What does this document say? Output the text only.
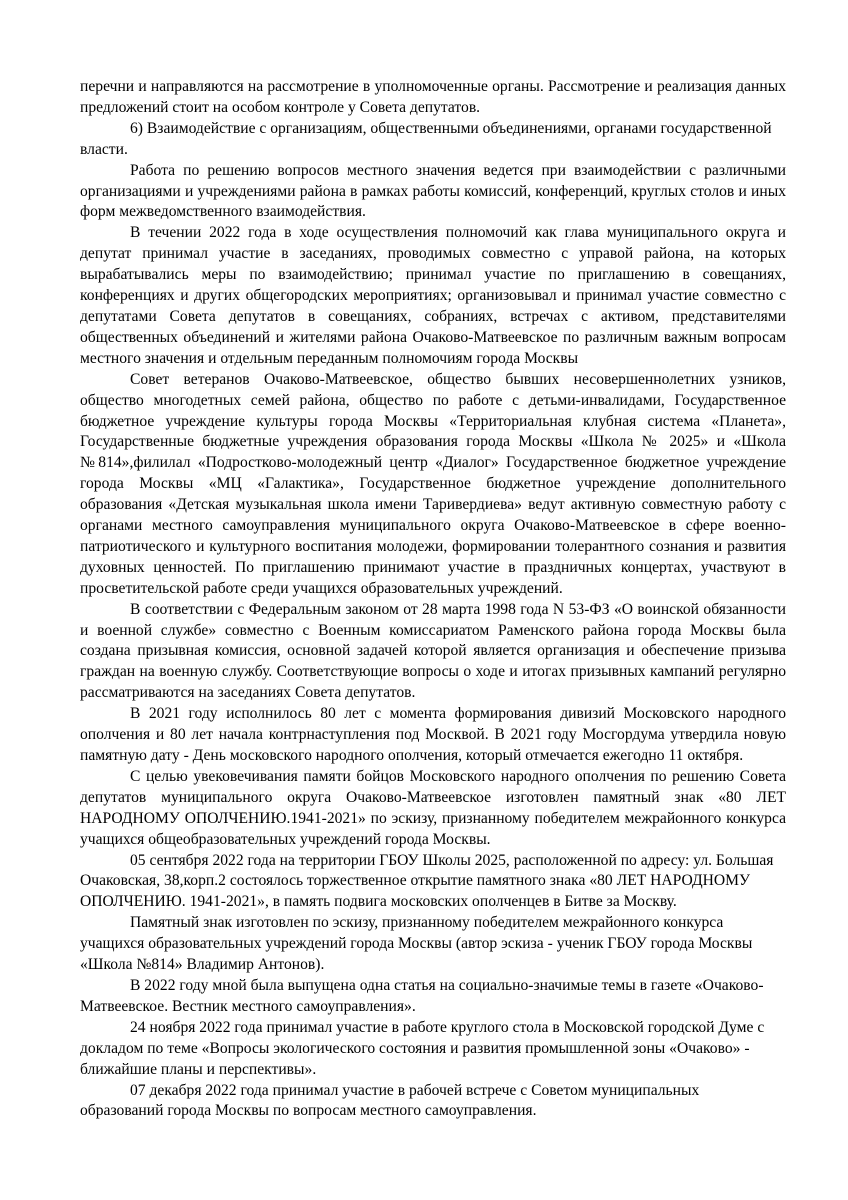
перечни и направляются на рассмотрение в уполномоченные органы. Рассмотрение и реализация данных предложений стоит на особом контроле у Совета депутатов.

6) Взаимодействие с организациям, общественными объединениями, органами государственной власти.

Работа по решению вопросов местного значения ведется при взаимодействии с различными организациями и учреждениями района в рамках работы комиссий, конференций, круглых столов и иных форм межведомственного взаимодействия.

В течении 2022 года в ходе осуществления полномочий как глава муниципального округа и депутат принимал участие в заседаниях, проводимых совместно с управой района, на которых вырабатывались меры по взаимодействию; принимал участие по приглашению в совещаниях, конференциях и других общегородских мероприятиях; организовывал и принимал участие совместно с депутатами Совета депутатов в совещаниях, собраниях, встречах с активом, представителями общественных объединений и жителями района Очаково-Матвеевское по различным важным вопросам местного значения и отдельным переданным полномочиям города Москвы

Совет ветеранов Очаково-Матвеевское, общество бывших несовершеннолетних узников, общество многодетных семей района, общество по работе с детьми-инвалидами, Государственное бюджетное учреждение культуры города Москвы «Территориальная клубная система «Планета», Государственные бюджетные учреждения образования города Москвы «Школа № 2025» и «Школа №814»,филилал «Подростково-молодежный центр «Диалог» Государственное бюджетное учреждение города Москвы «МЦ «Галактика», Государственное бюджетное учреждение дополнительного образования «Детская музыкальная школа имени Таривердиева» ведут активную совместную работу с органами местного самоуправления муниципального округа Очаково-Матвеевское в сфере военно-патриотического и культурного воспитания молодежи, формировании толерантного сознания и развития духовных ценностей. По приглашению принимают участие в праздничных концертах, участвуют в просветительской работе среди учащихся образовательных учреждений.

В соответствии с Федеральным законом от 28 марта 1998 года N 53-ФЗ «О воинской обязанности и военной службе» совместно с Военным комиссариатом Раменского района города Москвы была создана призывная комиссия, основной задачей которой является организация и обеспечение призыва граждан на военную службу. Соответствующие вопросы о ходе и итогах призывных кампаний регулярно рассматриваются на заседаниях Совета депутатов.

В 2021 году исполнилось 80 лет с момента формирования дивизий Московского народного ополчения и 80 лет начала контрнаступления под Москвой. В 2021 году Мосгордума утвердила новую памятную дату - День московского народного ополчения, который отмечается ежегодно 11 октября.

С целью увековечивания памяти бойцов Московского народного ополчения по решению Совета депутатов муниципального округа Очаково-Матвеевское изготовлен памятный знак «80 ЛЕТ НАРОДНОМУ ОПОЛЧЕНИЮ.1941-2021» по эскизу, признанному победителем межрайонного конкурса учащихся общеобразовательных учреждений города Москвы.

05 сентября 2022 года на территории ГБОУ Школы 2025, расположенной по адресу: ул. Большая Очаковская, 38,корп.2 состоялось торжественное открытие памятного знака «80 ЛЕТ НАРОДНОМУ ОПОЛЧЕНИЮ. 1941-2021», в память подвига московских ополченцев в Битве за Москву.

Памятный знак изготовлен по эскизу, признанному победителем межрайонного конкурса учащихся образовательных учреждений города Москвы (автор эскиза - ученик ГБОУ города Москвы «Школа №814» Владимир Антонов).

В 2022 году мной была выпущена одна статья на социально-значимые темы в газете «Очаково-Матвеевское. Вестник местного самоуправления».

24 ноября 2022 года принимал участие в работе круглого стола в Московской городской Думе с докладом по теме «Вопросы экологического состояния и развития промышленной зоны «Очаково» - ближайшие планы и перспективы».

07 декабря 2022 года принимал участие в рабочей встрече с Советом муниципальных образований города Москвы по вопросам местного самоуправления.
